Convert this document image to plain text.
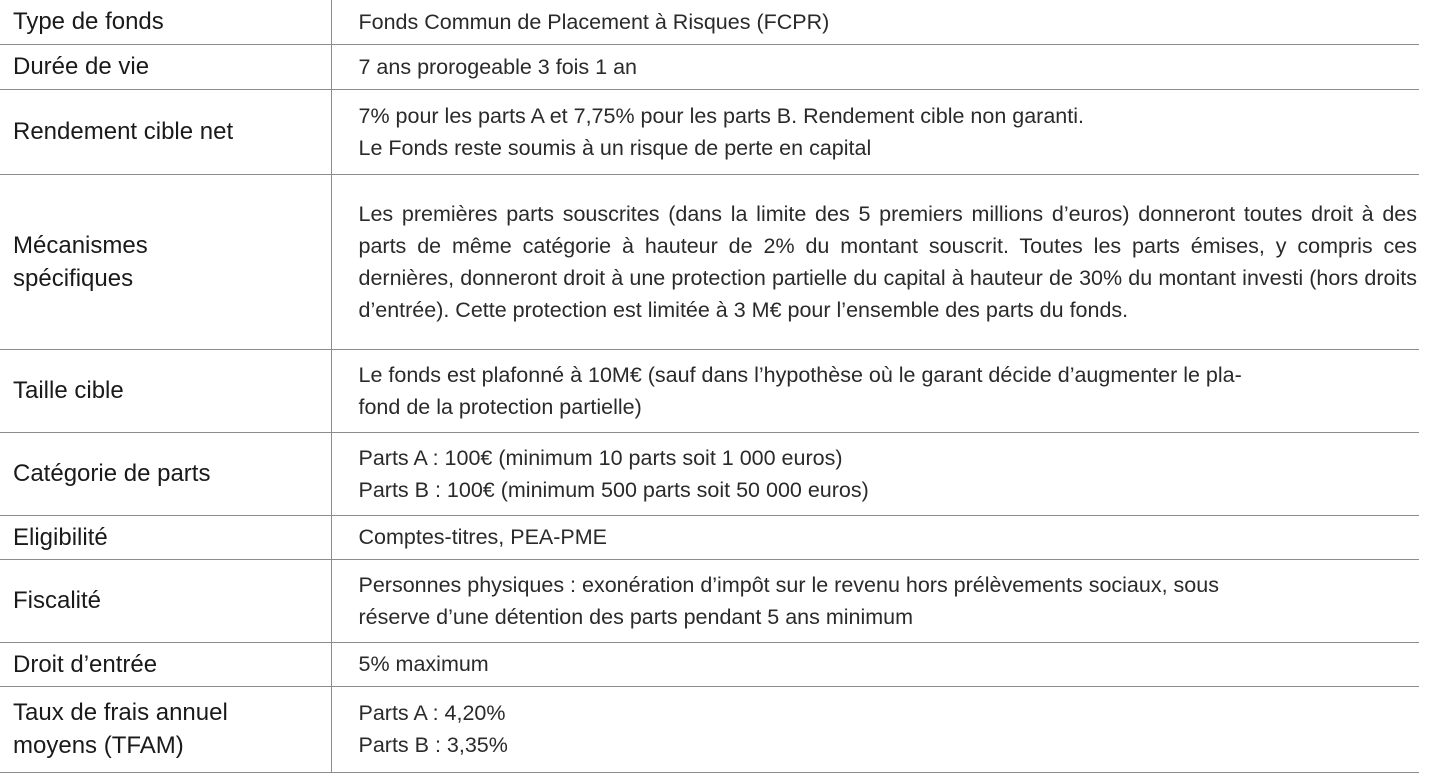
Type de fonds	Fonds Commun de Placement à Risques (FCPR)

Durée de vie	7 ans prorogeable 3 fois 1 an

Rendement cible net	7% pour les parts A et 7,75% pour les parts B. Rendement cible non garanti.
Le Fonds reste soumis à un risque de perte en capital

Mécanismes
spécifiques	Les premières parts souscrites (dans la limite des 5 premiers millions d’euros) donneront toutes droit à des parts de même catégorie à hauteur de 2% du montant souscrit. Toutes les parts émises, y compris ces dernières, donneront droit à une protection partielle du capital à hauteur de 30% du montant investi (hors droits d’entrée). Cette protection est limitée à 3 M€ pour l’ensemble des parts du fonds.

Taille cible	Le fonds est plafonné à 10M€ (sauf dans l’hypothèse où le garant décide d’augmenter le pla-
fond de la protection partielle)

Catégorie de parts	Parts A : 100€ (minimum 10 parts soit 1 000 euros)
Parts B : 100€ (minimum 500 parts soit 50 000 euros)

Eligibilité	Comptes-titres, PEA-PME

Fiscalité	Personnes physiques : exonération d’impôt sur le revenu hors prélèvements sociaux, sous
réserve d’une détention des parts pendant 5 ans minimum

Droit d’entrée	5% maximum

Taux de frais annuel
moyens (TFAM)	Parts A : 4,20%
Parts B : 3,35%
